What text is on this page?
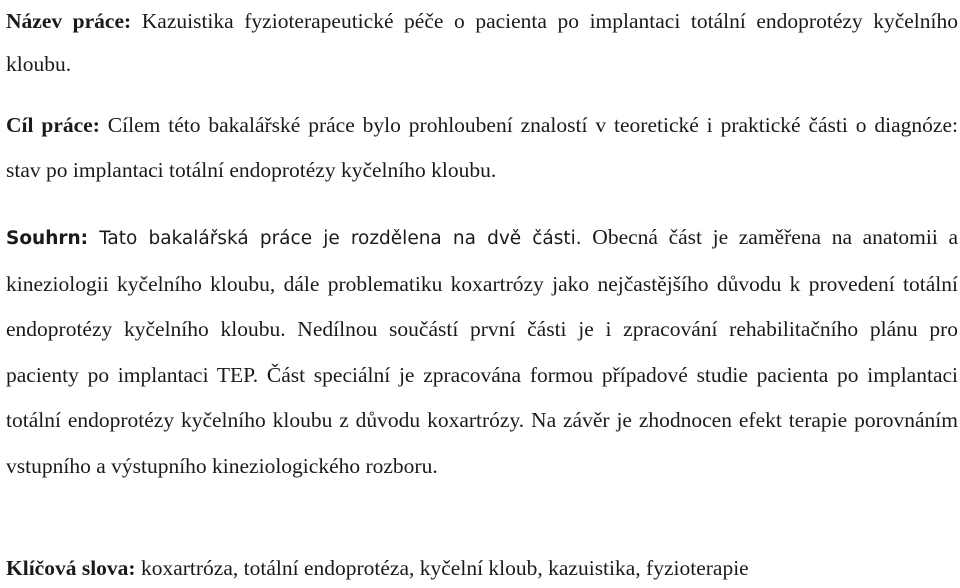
Název práce: Kazuistika fyzioterapeutické péče o pacienta po implantaci totální endoprotézy kyčelního kloubu.

Cíl práce: Cílem této bakalářské práce bylo prohloubení znalostí v teoretické i praktické části o diagnóze: stav po implantaci totální endoprotézy kyčelního kloubu.

Souhrn: Tato bakalářská práce je rozdělena na dvě části. Obecná část je zaměřena na anatomii a kineziologii kyčelního kloubu, dále problematiku koxartrózy jako nejčastějšího důvodu k provedení totální endoprotézy kyčelního kloubu. Nedílnou součástí první části je i zpracování rehabilitačního plánu pro pacienty po implantaci TEP. Část speciální je zpracována formou případové studie pacienta po implantaci totální endoprotézy kyčelního kloubu z důvodu koxartrózy. Na závěr je zhodnocen efekt terapie porovnáním vstupního a výstupního kineziologického rozboru.

Klíčová slova: koxartróza, totální endoprotéza, kyčelní kloub, kazuistika, fyzioterapie
